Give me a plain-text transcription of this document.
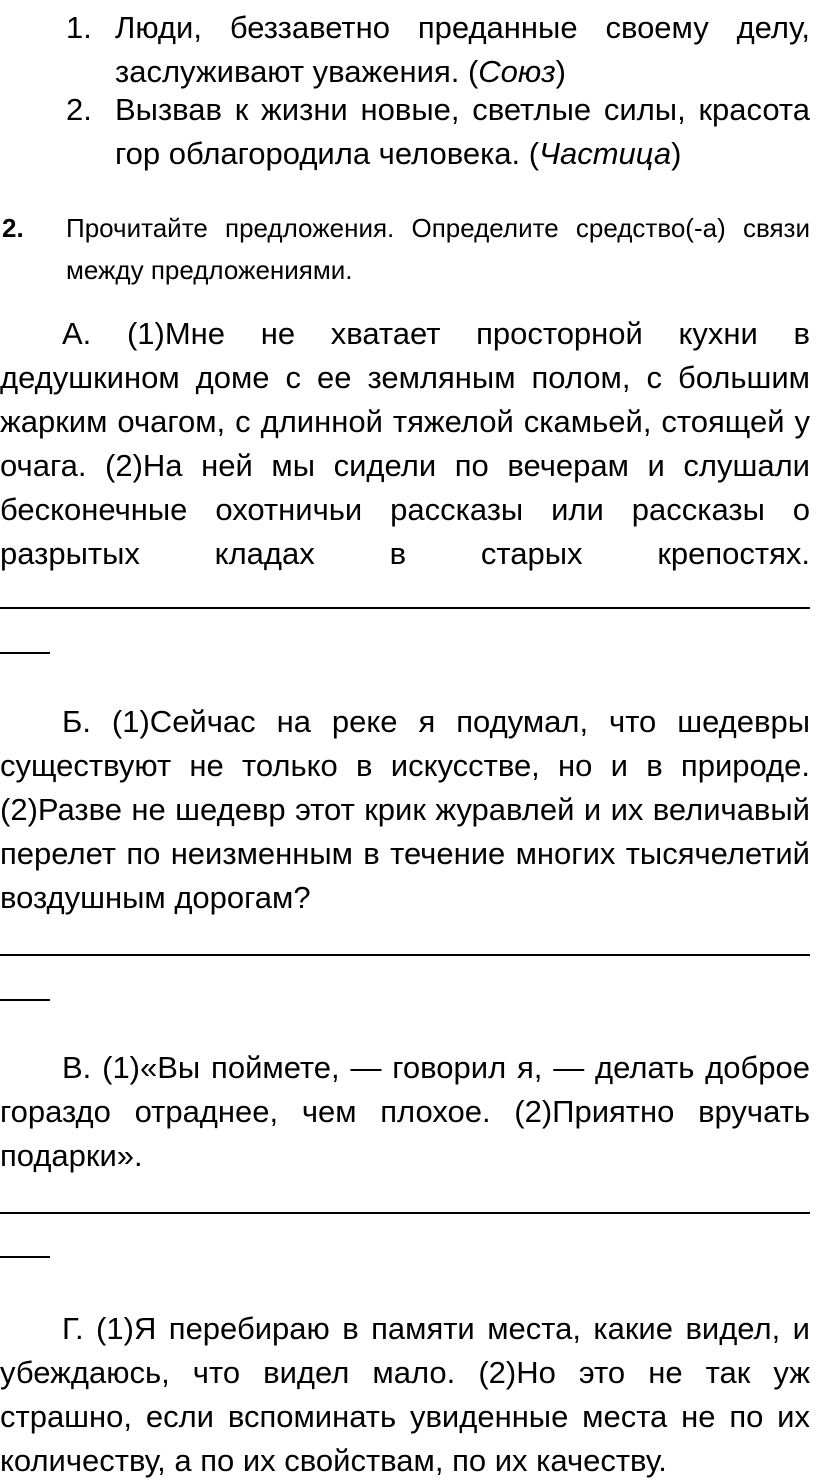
1. Люди, беззаветно преданные своему делу, заслуживают уважения. (Союз)
2. Вызвав к жизни новые, светлые силы, красота гор облагородила человека. (Частица)
2. Прочитайте предложения. Определите средство(-а) связи между предложениями.

А. (1)Мне не хватает просторной кухни в дедушкином доме с ее земляным полом, с большим жарким очагом, с длинной тяжелой скамьей, стоящей у очага. (2)На ней мы сидели по вечерам и слушали бесконечные охотничьи рассказы или рассказы о разрытых кладах в старых крепостях.

Б. (1)Сейчас на реке я подумал, что шедевры существуют не только в искусстве, но и в природе. (2)Разве не шедевр этот крик журавлей и их величавый перелет по неизменным в течение многих тысячелетий воздушным дорогам?

В. (1)«Вы поймете, — говорил я, — делать доброе гораздо отраднее, чем плохое. (2)Приятно вручать подарки».

Г. (1)Я перебираю в памяти места, какие видел, и убеждаюсь, что видел мало. (2)Но это не так уж страшно, если вспоминать увиденные места не по их количеству, а по их свойствам, по их качеству.
